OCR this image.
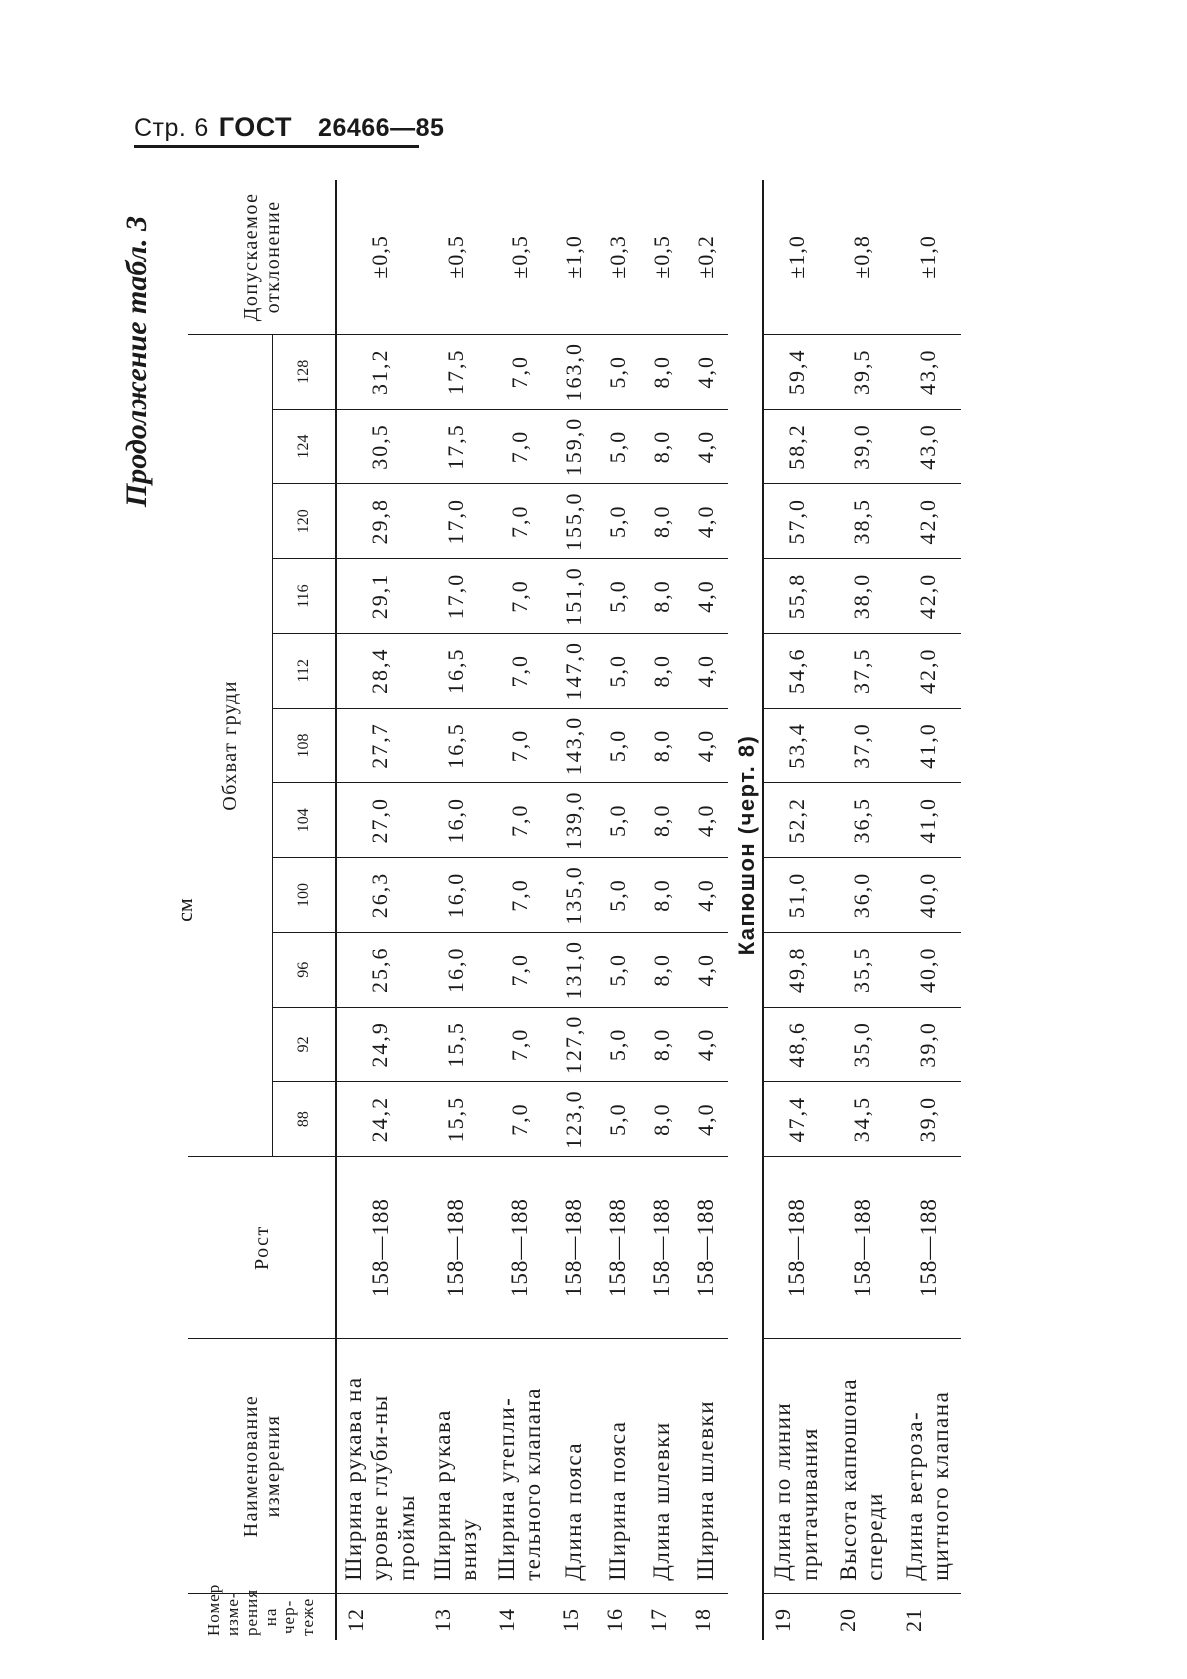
Стр. 6 ГОСТ 26466—85
Продолжение табл. 3
см
Номер изме-рения на чер-теже	Наименование измерения	Рост	Обхват груди											Допускаемое отклонение
			88	92	96	100	104	108	112	116	120	124	128	
12	Ширина рукава на уровне глуби-ны проймы	158—188	24,2	24,9	25,6	26,3	27,0	27,7	28,4	29,1	29,8	30,5	31,2	±0,5
13	Ширина рукава внизу	158—188	15,5	15,5	16,0	16,0	16,0	16,5	16,5	17,0	17,0	17,5	17,5	±0,5
14	Ширина утепли-тельного клапана	158—188	7,0	7,0	7,0	7,0	7,0	7,0	7,0	7,0	7,0	7,0	7,0	±0,5
15	Длина пояса	158—188	123,0	127,0	131,0	135,0	139,0	143,0	147,0	151,0	155,0	159,0	163,0	±1,0
16	Ширина пояса	158—188	5,0	5,0	5,0	5,0	5,0	5,0	5,0	5,0	5,0	5,0	5,0	±0,3
17	Длина шлевки	158—188	8,0	8,0	8,0	8,0	8,0	8,0	8,0	8,0	8,0	8,0	8,0	±0,5
18	Ширина шлевки	158—188	4,0	4,0	4,0	4,0	4,0	4,0	4,0	4,0	4,0	4,0	4,0	±0,2
Капюшон (черт. 8)														
19	Длина по линии притачивания	158—188	47,4	48,6	49,8	51,0	52,2	53,4	54,6	55,8	57,0	58,2	59,4	±1,0
20	Высота капюшона спереди	158—188	34,5	35,0	35,5	36,0	36,5	37,0	37,5	38,0	38,5	39,0	39,5	±0,8
21	Длина ветроза-щитного клапана	158—188	39,0	39,0	40,0	40,0	41,0	41,0	42,0	42,0	42,0	43,0	43,0	±1,0
